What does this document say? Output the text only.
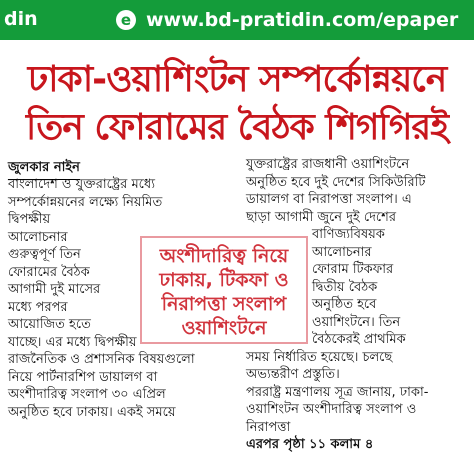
din	e www.bd-pratidin.com/epaper
ঢাকা-ওয়াশিংটন সম্পর্কোন্নয়নে
তিন ফোরামের বৈঠক শিগগিরই
জুলকার নাইন
বাংলাদেশ ও যুক্তরাষ্ট্রের মধ্যে
সম্পর্কোন্নয়নের লক্ষ্যে নিয়মিত
দ্বিপক্ষীয়
আলোচনার
গুরুত্বপূর্ণ তিন
ফোরামের বৈঠক
আগামী দুই মাসের
মধ্যে পরপর
আয়োজিত হতে
যাচ্ছে। এর মধ্যে দ্বিপক্ষীয়
রাজনৈতিক ও প্রশাসনিক বিষয়গুলো
নিয়ে পার্টনারশিপ ডায়ালগ বা
অংশীদারিত্ব সংলাপ ৩০ এপ্রিল
অনুষ্ঠিত হবে ঢাকায়। একই সময়ে
যুক্তরাষ্ট্রের রাজধানী ওয়াশিংটনে
অনুষ্ঠিত হবে দুই দেশের সিকিউরিটি
ডায়ালগ বা নিরাপত্তা সংলাপ। এ
ছাড়া আগামী জুনে দুই দেশের
বাণিজ্যবিষয়ক
আলোচনার
ফোরাম টিকফার
দ্বিতীয় বৈঠক
অনুষ্ঠিত হবে
ওয়াশিংটনে। তিন
বৈঠকেরই প্রাথমিক
সময় নির্ধারিত হয়েছে। চলছে
অভ্যন্তরীণ প্রস্তুতি।
পররাষ্ট্র মন্ত্রণালয় সূত্র জানায়, ঢাকা-
ওয়াশিংটন অংশীদারিত্ব সংলাপ ও
নিরাপত্তা
এরপর পৃষ্ঠা ১১ কলাম ৪
অংশীদারিত্ব নিয়ে
ঢাকায়, টিকফা ও
নিরাপত্তা সংলাপ
ওয়াশিংটনে
